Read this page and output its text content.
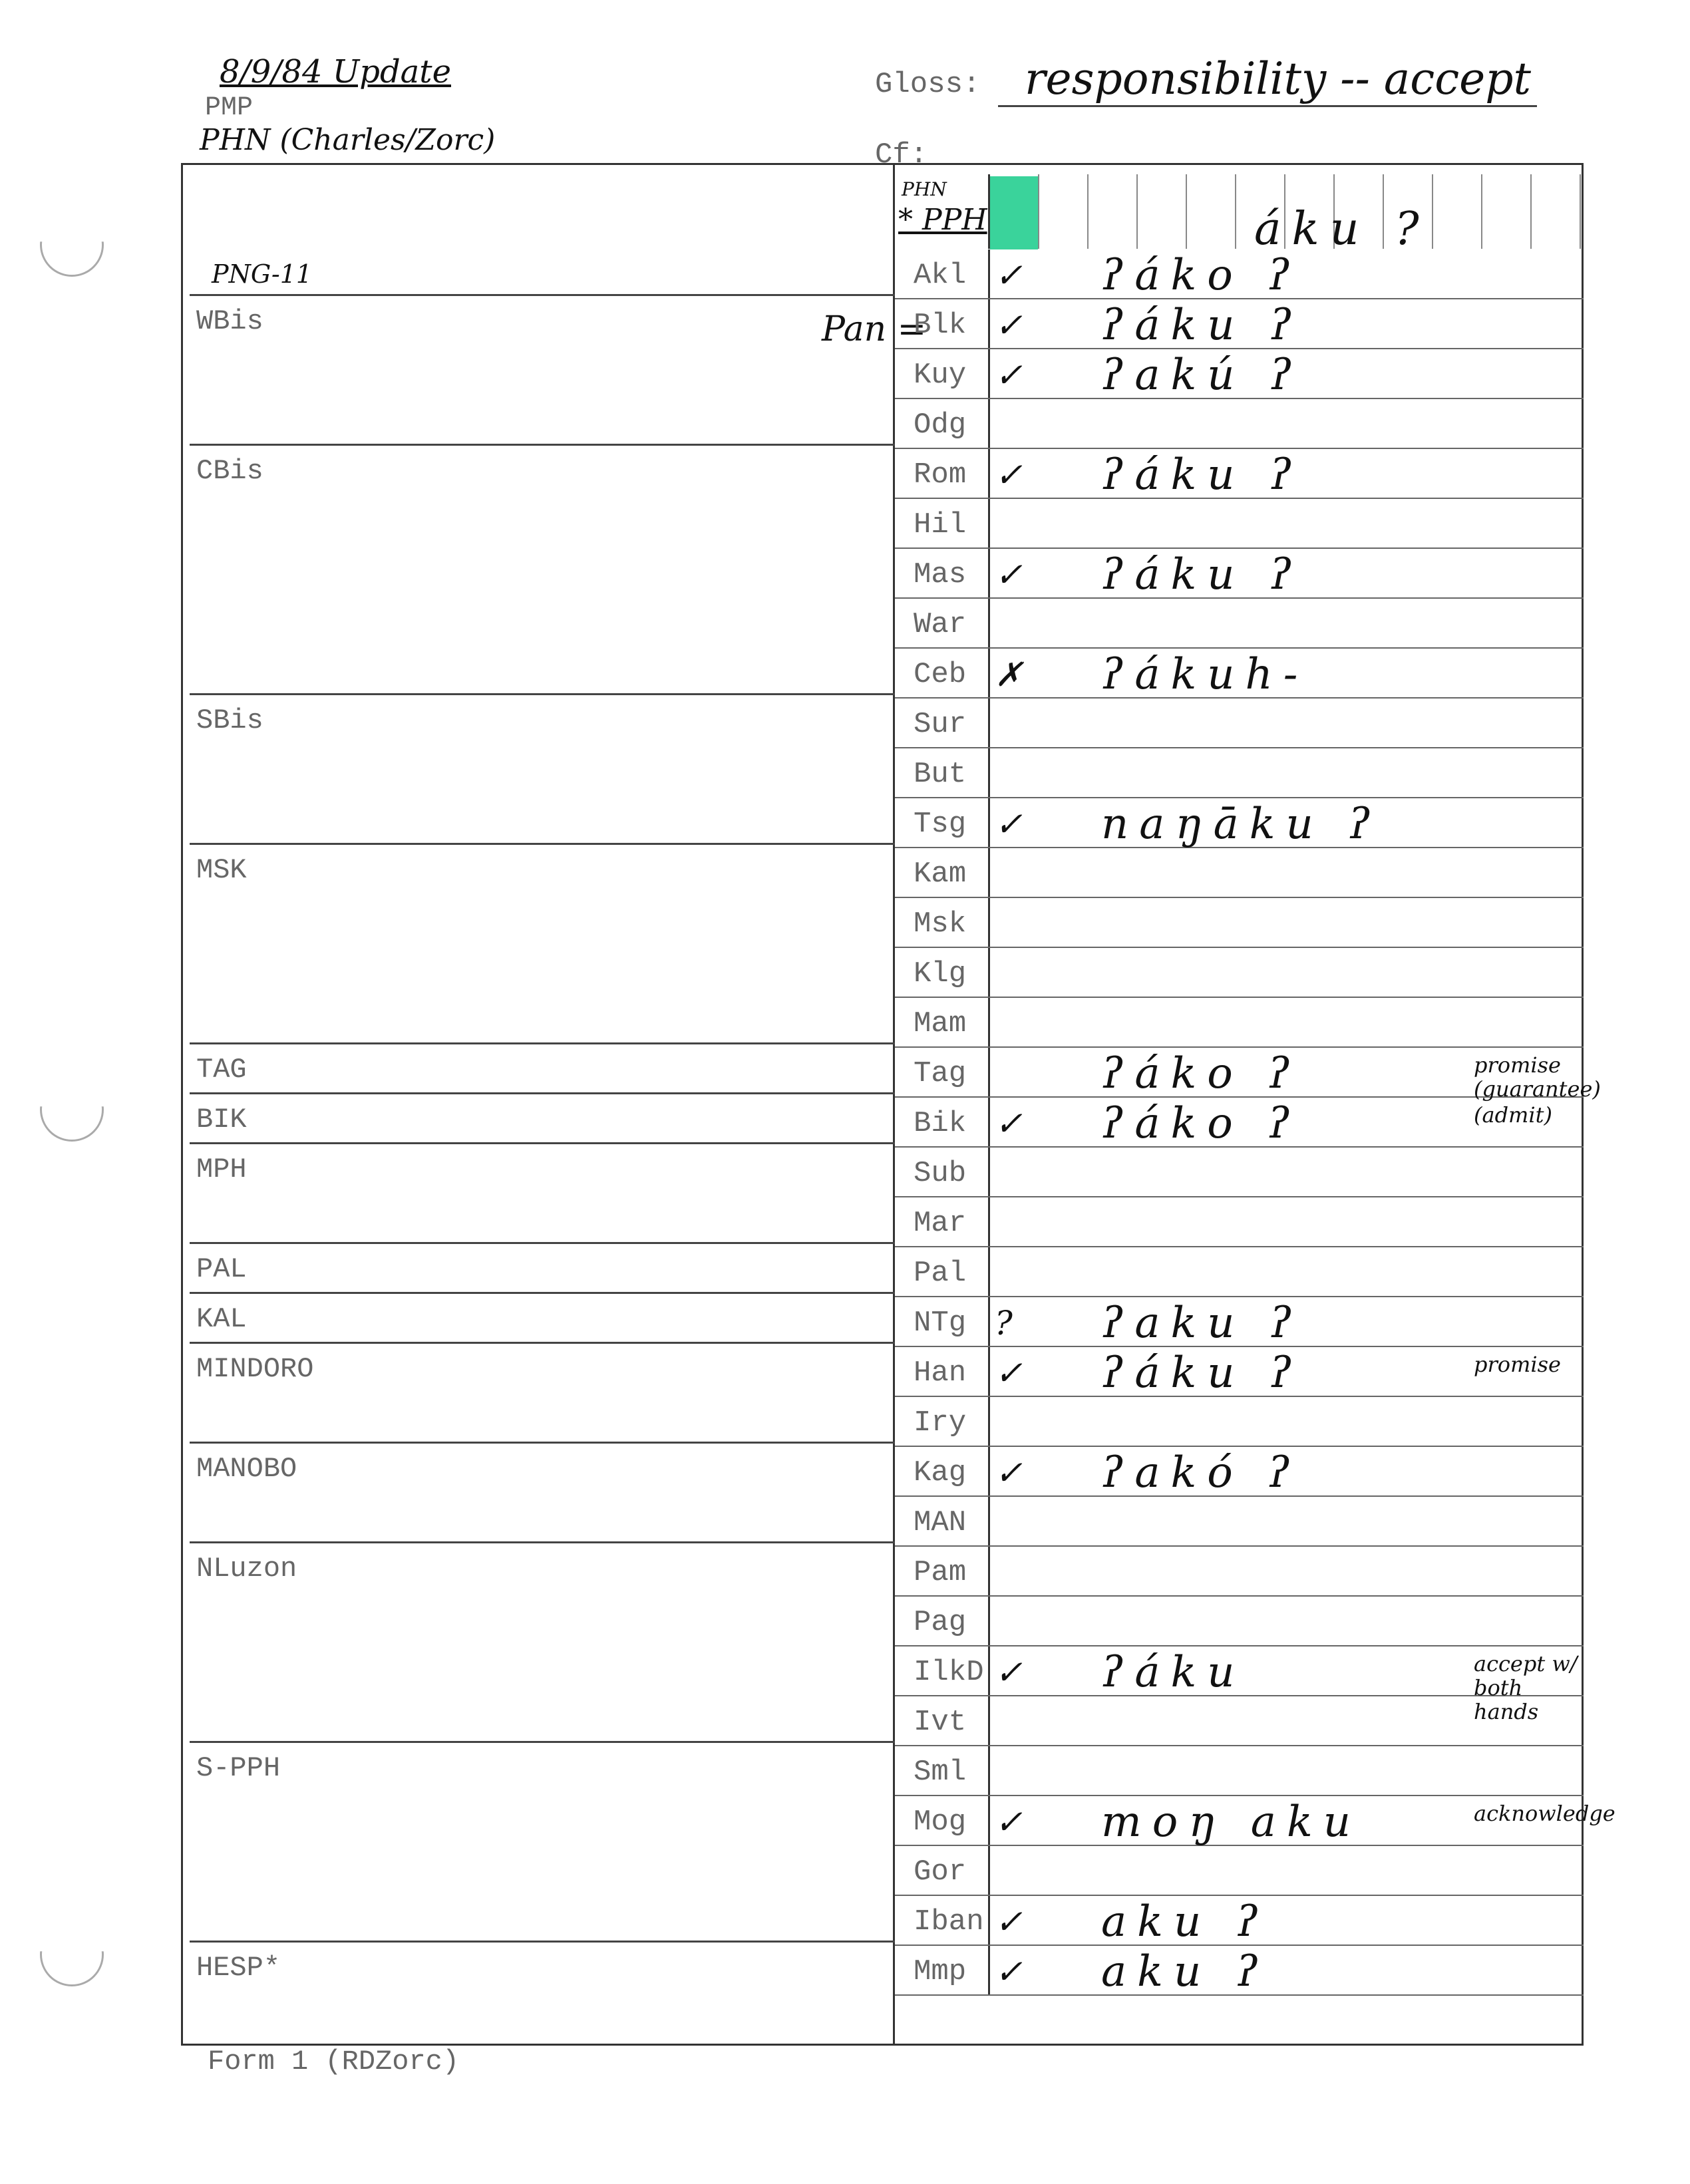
8/9/84 Update
PMP
PHN (Charles/Zorc)
Gloss: responsibility -- accept
Cf:
WBis
CBis
SBis
MSK
TAG
BIK
MPH
PAL
KAL
MINDORO
MANOBO
NLuzon
S-PPH
HESP*
PNG-11
Pan =
PHN
* PPH	áku ?
Akl ✓ ʔáko ʔ
Blk ✓ ʔáku ʔ
Kuy ✓ ʔakú ʔ
Odg
Rom ✓ ʔáku ʔ
Hil
Mas ✓ ʔáku ʔ
War
Ceb ✗ ʔákuh-
Sur
But
Tsg ✓ naŋāku ʔ
Kam
Msk
Klg
Mam
Tag	ʔáko ʔ	promise (guarantee)
Bik ✓ ʔáko ʔ	(admit)
Sub
Mar
Pal
NTg ? ʔaku ʔ
Han ✓ ʔáku ʔ	promise
Iry
Kag ✓ ʔakó ʔ
MAN
Pam
Pag
IlkD ✓ ʔáku	accept w/ both hands
Ivt
Sml
Mog ✓ moŋ aku	acknowledge
Gor
Iban ✓ aku ʔ
Mmp ✓ aku ʔ
Form 1 (RDZorc)
